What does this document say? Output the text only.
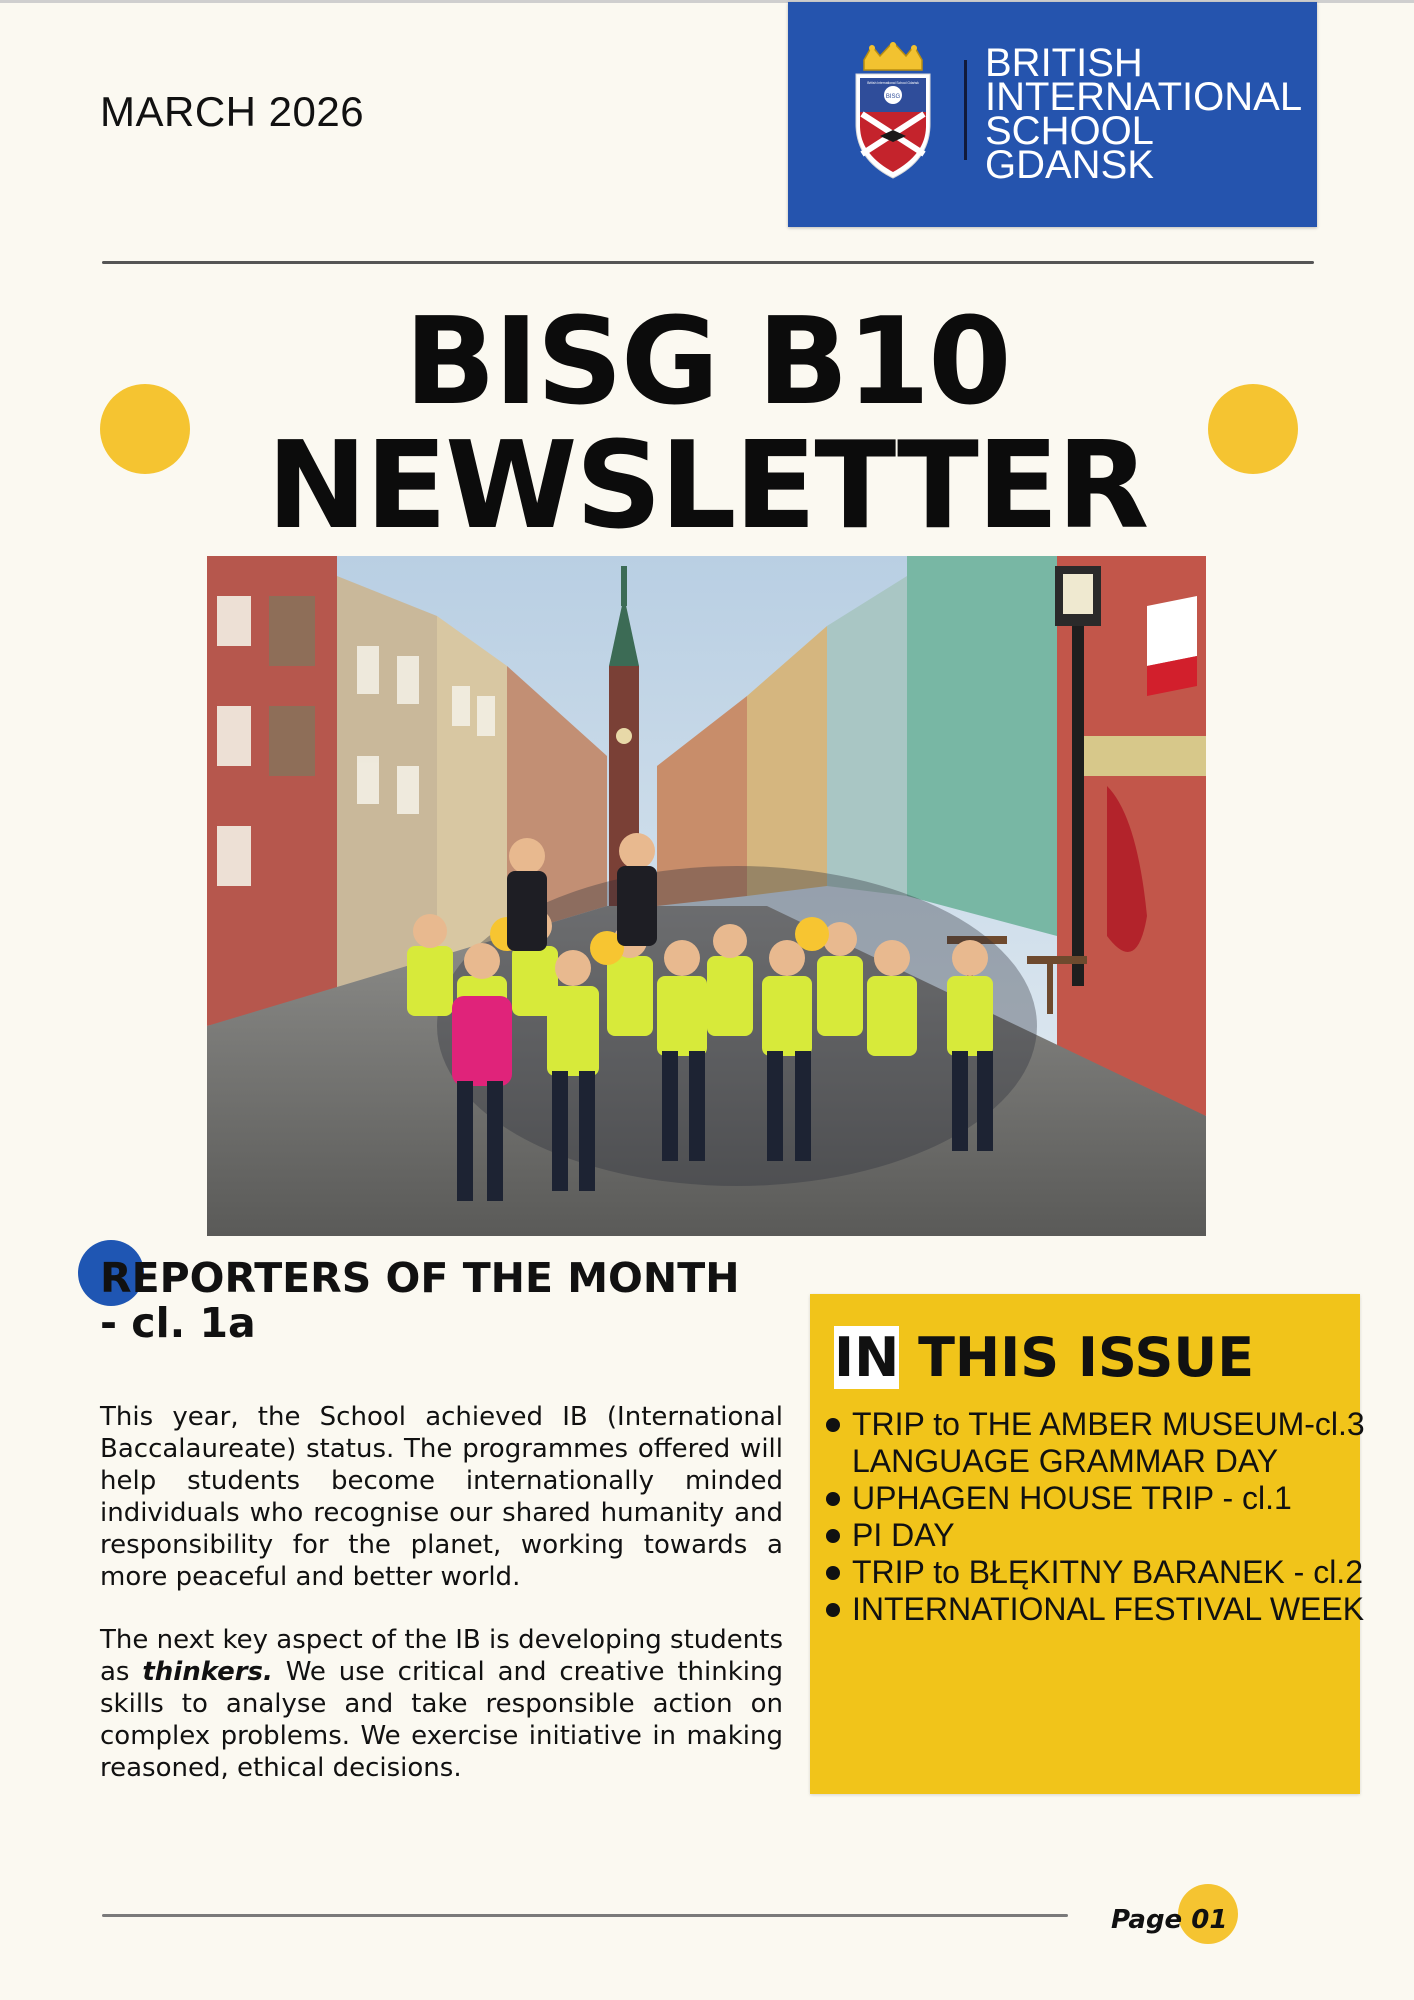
MARCH 2026	BISG
British International School Gdańsk BRITISH
INTERNATIONAL
SCHOOL
GDANSK
BISG B10
NEWSLETTER
REPORTERS OF THE MONTH
- cl. 1a
This year, the School achieved IB (International Baccalaureate) status. The programmes offered will help students become internationally minded individuals who recognise our shared humanity and responsibility for the planet, working towards a more peaceful and better world.
The next key aspect of the IB is developing students as thinkers. We use critical and creative thinking skills to analyse and take responsible action on complex problems. We exercise initiative in making reasoned, ethical decisions.
IN THIS ISSUE
TRIP to THE AMBER MUSEUM-cl.3
LANGUAGE GRAMMAR DAY
UPHAGEN HOUSE TRIP - cl.1
PI DAY
TRIP to BŁĘKITNY BARANEK - cl.2
INTERNATIONAL FESTIVAL WEEK
Page 01
